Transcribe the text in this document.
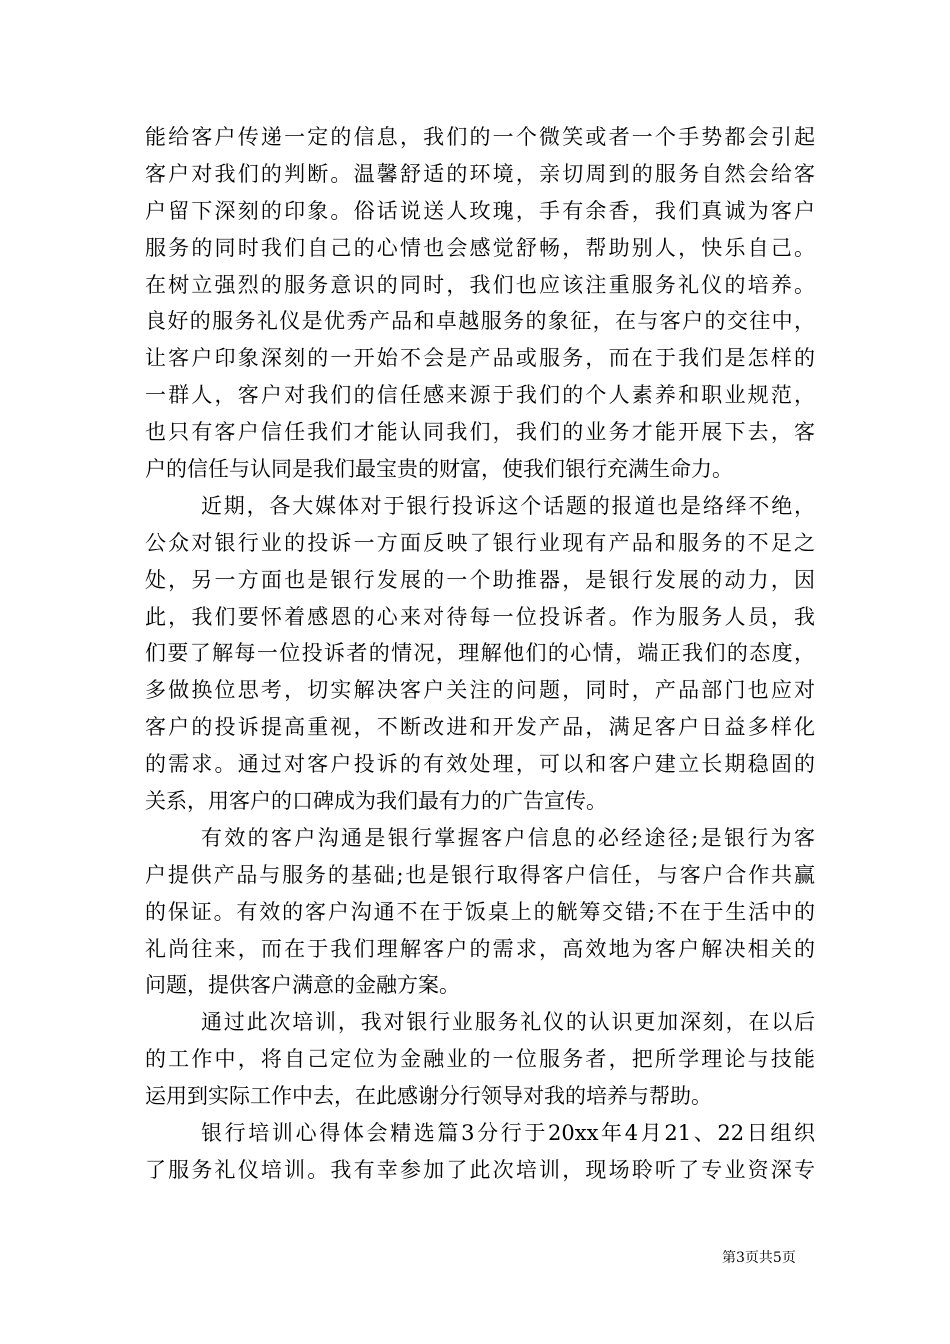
能给客户传递一定的信息，我们的一个微笑或者一个手势都会引起
客户对我们的判断。温馨舒适的环境，亲切周到的服务自然会给客
户留下深刻的印象。俗话说送人玫瑰，手有余香，我们真诚为客户
服务的同时我们自己的心情也会感觉舒畅，帮助别人，快乐自己。
在树立强烈的服务意识的同时，我们也应该注重服务礼仪的培养。
良好的服务礼仪是优秀产品和卓越服务的象征，在与客户的交往中，
让客户印象深刻的一开始不会是产品或服务，而在于我们是怎样的
一群人，客户对我们的信任感来源于我们的个人素养和职业规范，
也只有客户信任我们才能认同我们，我们的业务才能开展下去，客
户的信任与认同是我们最宝贵的财富，使我们银行充满生命力。
近期，各大媒体对于银行投诉这个话题的报道也是络绎不绝，
公众对银行业的投诉一方面反映了银行业现有产品和服务的不足之
处，另一方面也是银行发展的一个助推器，是银行发展的动力，因
此，我们要怀着感恩的心来对待每一位投诉者。作为服务人员，我
们要了解每一位投诉者的情况，理解他们的心情，端正我们的态度，
多做换位思考，切实解决客户关注的问题，同时，产品部门也应对
客户的投诉提高重视，不断改进和开发产品，满足客户日益多样化
的需求。通过对客户投诉的有效处理，可以和客户建立长期稳固的
关系，用客户的口碑成为我们最有力的广告宣传。
有效的客户沟通是银行掌握客户信息的必经途径;是银行为客
户提供产品与服务的基础;也是银行取得客户信任，与客户合作共赢
的保证。有效的客户沟通不在于饭桌上的觥筹交错;不在于生活中的
礼尚往来，而在于我们理解客户的需求，高效地为客户解决相关的
问题，提供客户满意的金融方案。
通过此次培训，我对银行业服务礼仪的认识更加深刻，在以后
的工作中，将自己定位为金融业的一位服务者，把所学理论与技能
运用到实际工作中去，在此感谢分行领导对我的培养与帮助。
银行培训心得体会精选篇3分行于20xx年4月21、22日组织
了服务礼仪培训。我有幸参加了此次培训，现场聆听了专业资深专
第3页共5页
